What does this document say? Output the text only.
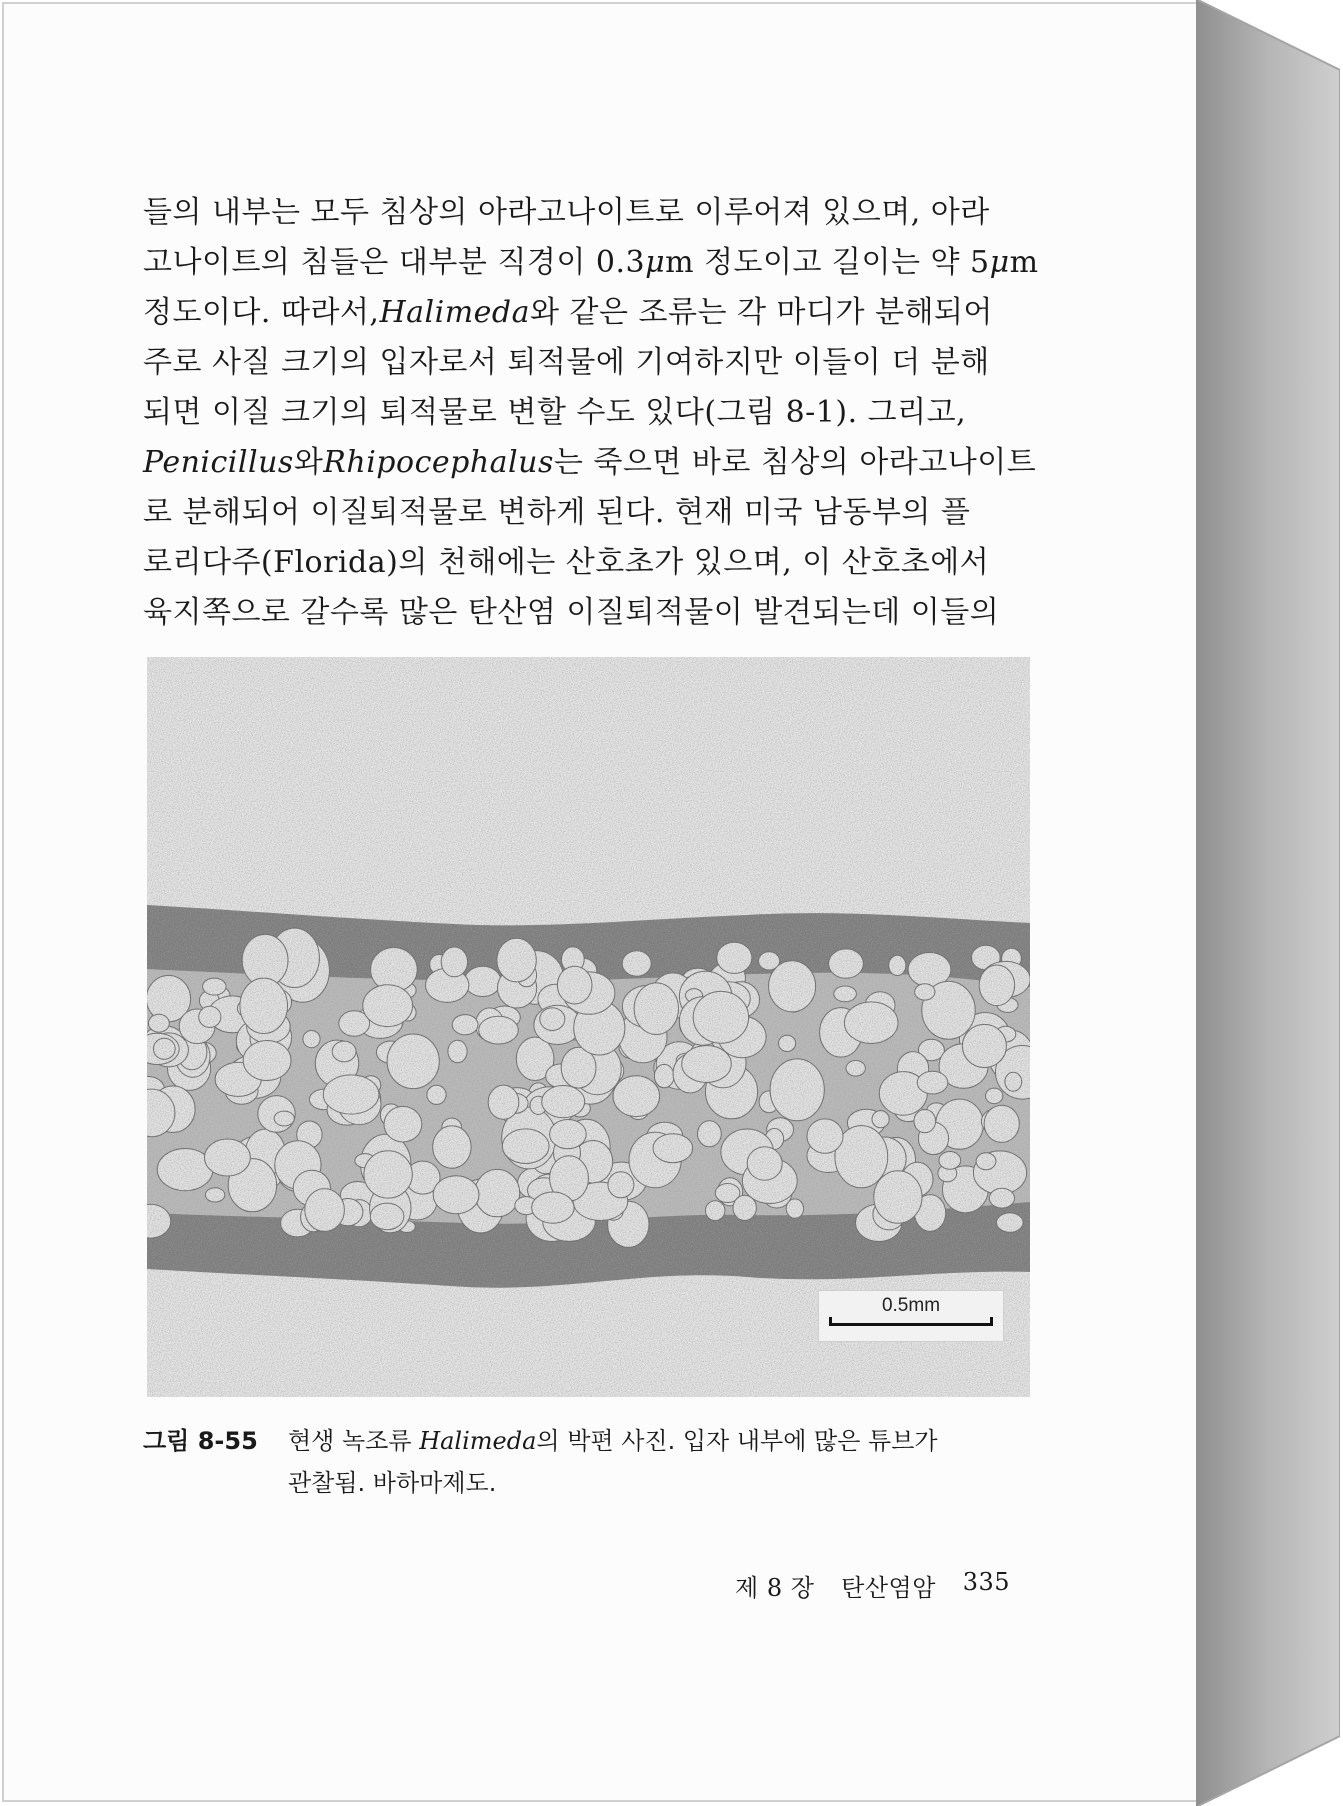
들의 내부는 모두 침상의 아라고나이트로 이루어져 있으며, 아라
고나이트의 침들은 대부분 직경이 0.3μm 정도이고 길이는 약 5μm
정도이다. 따라서,Halimeda와 같은 조류는 각 마디가 분해되어
주로 사질 크기의 입자로서 퇴적물에 기여하지만 이들이 더 분해
되면 이질 크기의 퇴적물로 변할 수도 있다(그림 8-1). 그리고,
Penicillus와Rhipocephalus는 죽으면 바로 침상의 아라고나이트
로 분해되어 이질퇴적물로 변하게 된다. 현재 미국 남동부의 플
로리다주(Florida)의 천해에는 산호초가 있으며, 이 산호초에서
육지쪽으로 갈수록 많은 탄산염 이질퇴적물이 발견되는데 이들의
0.5mm
그림 8-55	현생 녹조류 Halimeda의 박편 사진. 입자 내부에 많은 튜브가
관찰됨. 바하마제도.
제 8 장 탄산염암 335
